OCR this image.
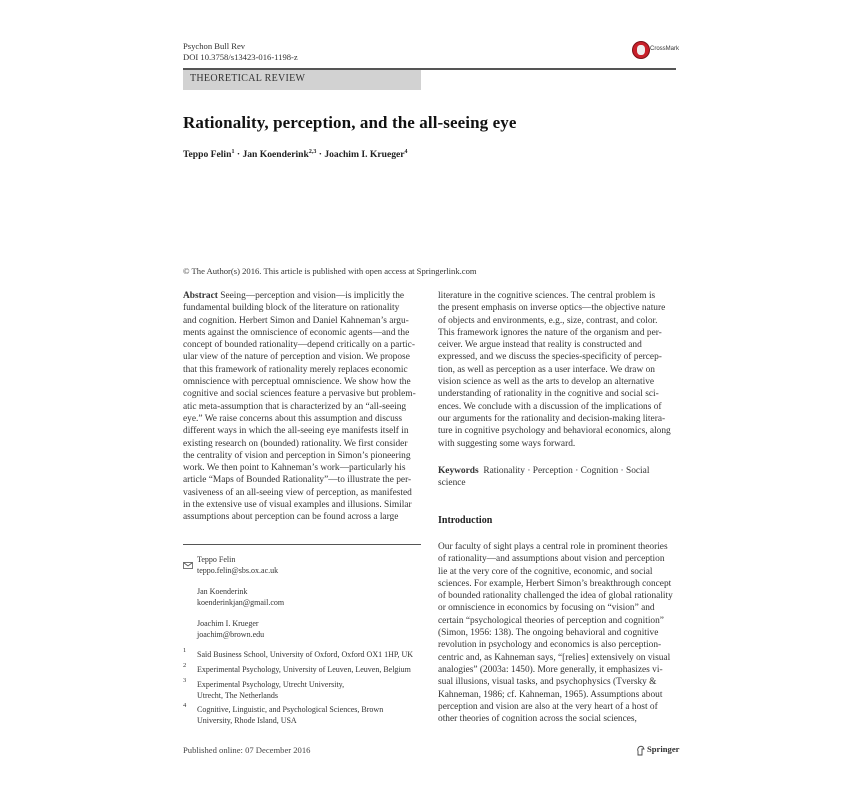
Psychon Bull Rev
DOI 10.3758/s13423-016-1198-z
CrossMark
THEORETICAL REVIEW
Rationality, perception, and the all-seeing eye
Teppo Felin$^1$ · Jan Koenderink$^{2,3}$ · Joachim I. Krueger$^4$
© The Author(s) 2016. This article is published with open access at Springerlink.com
Abstract Seeing—perception and vision—is implicitly the
fundamental building block of the literature on rationality
and cognition. Herbert Simon and Daniel Kahneman’s argu-
ments against the omniscience of economic agents—and the
concept of bounded rationality—depend critically on a partic-
ular view of the nature of perception and vision. We propose
that this framework of rationality merely replaces economic
omniscience with perceptual omniscience. We show how the
cognitive and social sciences feature a pervasive but problem-
atic meta-assumption that is characterized by an “all-seeing
eye.” We raise concerns about this assumption and discuss
different ways in which the all-seeing eye manifests itself in
existing research on (bounded) rationality. We first consider
the centrality of vision and perception in Simon’s pioneering
work. We then point to Kahneman’s work—particularly his
article “Maps of Bounded Rationality”—to illustrate the per-
vasiveness of an all-seeing view of perception, as manifested
in the extensive use of visual examples and illusions. Similar
assumptions about perception can be found across a large
literature in the cognitive sciences. The central problem is
the present emphasis on inverse optics—the objective nature
of objects and environments, e.g., size, contrast, and color.
This framework ignores the nature of the organism and per-
ceiver. We argue instead that reality is constructed and
expressed, and we discuss the species-specificity of percep-
tion, as well as perception as a user interface. We draw on
vision science as well as the arts to develop an alternative
understanding of rationality in the cognitive and social sci-
ences. We conclude with a discussion of the implications of
our arguments for the rationality and decision-making litera-
ture in cognitive psychology and behavioral economics, along
with suggesting some ways forward.
Keywords Rationality · Perception · Cognition · Social
science
Introduction
Our faculty of sight plays a central role in prominent theories
of rationality—and assumptions about vision and perception
lie at the very core of the cognitive, economic, and social
sciences. For example, Herbert Simon’s breakthrough concept
of bounded rationality challenged the idea of global rationality
or omniscience in economics by focusing on “vision” and
certain “psychological theories of perception and cognition”
(Simon, 1956: 138). The ongoing behavioral and cognitive
revolution in psychology and economics is also perception-
centric and, as Kahneman says, “[relies] extensively on visual
analogies” (2003a: 1450). More generally, it emphasizes vi-
sual illusions, visual tasks, and psychophysics (Tversky &
Kahneman, 1986; cf. Kahneman, 1965). Assumptions about
perception and vision are also at the very heart of a host of
other theories of cognition across the social sciences,
Teppo Felin
teppo.felin@sbs.ox.ac.uk
Jan Koenderink
koenderinkjan@gmail.com
Joachim I. Krueger
joachim@brown.edu
1 Saïd Business School, University of Oxford, Oxford OX1 1HP, UK
2 Experimental Psychology, University of Leuven, Leuven, Belgium
3 Experimental Psychology, Utrecht University,
Utrecht, The Netherlands
4 Cognitive, Linguistic, and Psychological Sciences, Brown
University, Rhode Island, USA
Published online: 07 December 2016	Springer
